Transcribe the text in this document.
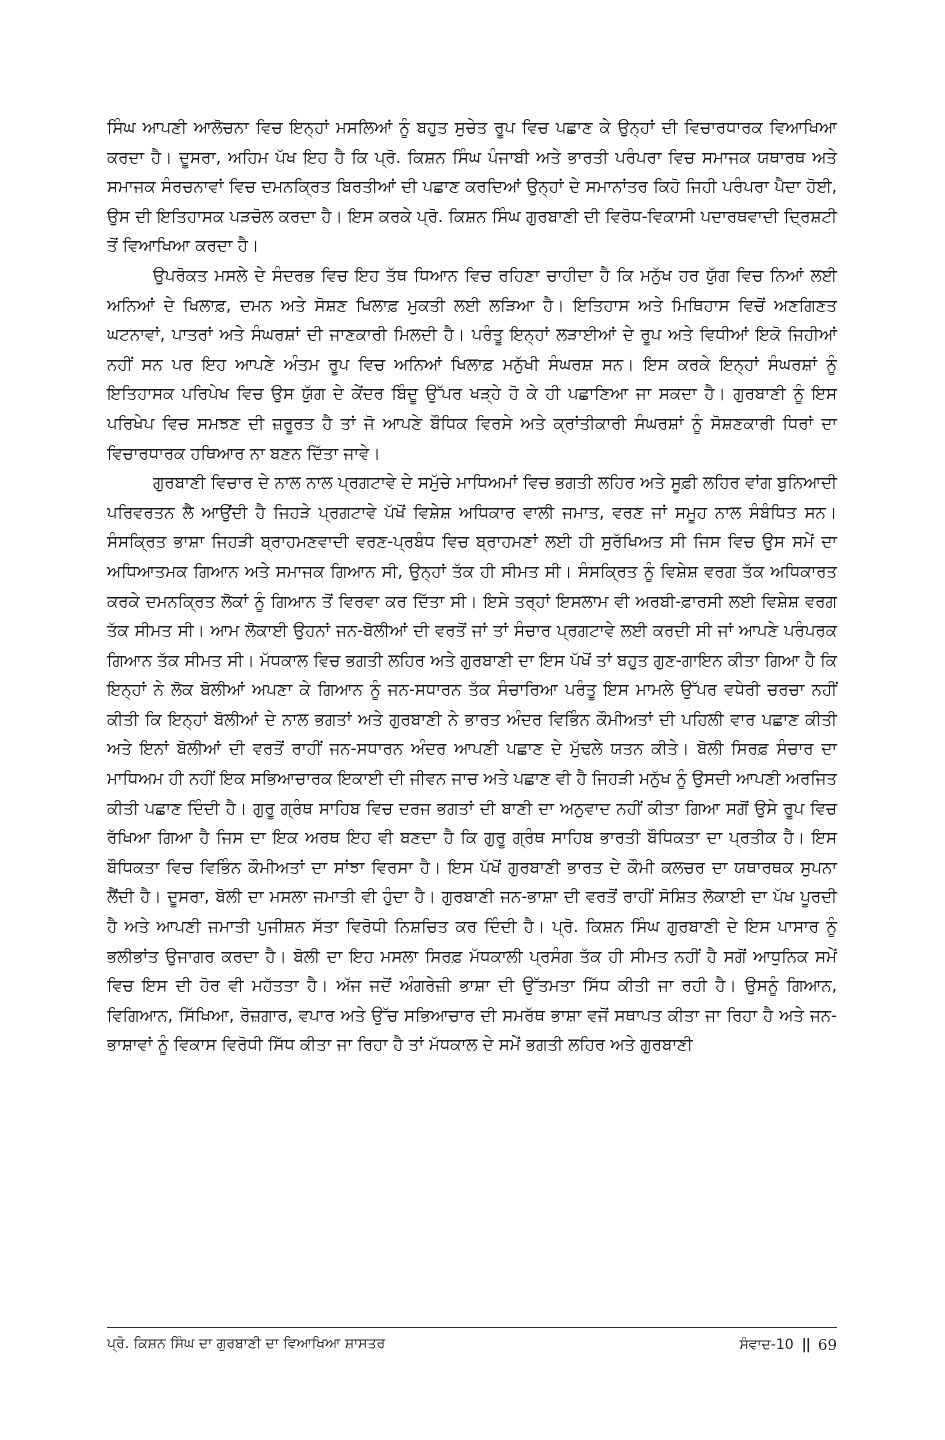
ਸਿੰਘ ਆਪਣੀ ਆਲੋਚਨਾ ਵਿਚ ਇਨ੍ਹਾਂ ਮਸਲਿਆਂ ਨੂੰ ਬਹੁਤ ਸੁਚੇਤ ਰੂਪ ਵਿਚ ਪਛਾਣ ਕੇ ਉਨ੍ਹਾਂ ਦੀ ਵਿਚਾਰਧਾਰਕ ਵਿਆਖਿਆ ਕਰਦਾ ਹੈ। ਦੂਸਰਾ, ਅਹਿਮ ਪੱਖ ਇਹ ਹੈ ਕਿ ਪ੍ਰੋ. ਕਿਸ਼ਨ ਸਿੰਘ ਪੰਜਾਬੀ ਅਤੇ ਭਾਰਤੀ ਪਰੰਪਰਾ ਵਿਚ ਸਮਾਜਕ ਯਥਾਰਥ ਅਤੇ ਸਮਾਜਕ ਸੰਰਚਨਾਵਾਂ ਵਿਚ ਦਮਨਕ੍ਰਿਤ ਬਿਰਤੀਆਂ ਦੀ ਪਛਾਣ ਕਰਦਿਆਂ ਉਨ੍ਹਾਂ ਦੇ ਸਮਾਨਾਂਤਰ ਕਿਹੋ ਜਿਹੀ ਪਰੰਪਰਾ ਪੈਦਾ ਹੋਈ, ਉਸ ਦੀ ਇਤਿਹਾਸਕ ਪੜਚੋਲ ਕਰਦਾ ਹੈ। ਇਸ ਕਰਕੇ ਪ੍ਰੋ. ਕਿਸ਼ਨ ਸਿੰਘ ਗੁਰਬਾਣੀ ਦੀ ਵਿਰੋਧ-ਵਿਕਾਸੀ ਪਦਾਰਥਵਾਦੀ ਦ੍ਰਿਸ਼ਟੀ ਤੋਂ ਵਿਆਖਿਆ ਕਰਦਾ ਹੈ।

ਉਪਰੋਕਤ ਮਸਲੇ ਦੇ ਸੰਦਰਭ ਵਿਚ ਇਹ ਤੱਥ ਧਿਆਨ ਵਿਚ ਰਹਿਣਾ ਚਾਹੀਦਾ ਹੈ ਕਿ ਮਨੁੱਖ ਹਰ ਯੁੱਗ ਵਿਚ ਨਿਆਂ ਲਈ ਅਨਿਆਂ ਦੇ ਖਿਲਾਫ਼, ਦਮਨ ਅਤੇ ਸੋਸ਼ਣ ਖਿਲਾਫ਼ ਮੁਕਤੀ ਲਈ ਲੜਿਆ ਹੈ। ਇਤਿਹਾਸ ਅਤੇ ਮਿਥਿਹਾਸ ਵਿਚੋਂ ਅਣਗਿਣਤ ਘਟਨਾਵਾਂ, ਪਾਤਰਾਂ ਅਤੇ ਸੰਘਰਸ਼ਾਂ ਦੀ ਜਾਣਕਾਰੀ ਮਿਲਦੀ ਹੈ। ਪਰੰਤੂ ਇਨ੍ਹਾਂ ਲੜਾਈਆਂ ਦੇ ਰੂਪ ਅਤੇ ਵਿਧੀਆਂ ਇਕੋ ਜਿਹੀਆਂ ਨਹੀਂ ਸਨ ਪਰ ਇਹ ਆਪਣੇ ਅੰਤਮ ਰੂਪ ਵਿਚ ਅਨਿਆਂ ਖਿਲਾਫ਼ ਮਨੁੱਖੀ ਸੰਘਰਸ਼ ਸਨ। ਇਸ ਕਰਕੇ ਇਨ੍ਹਾਂ ਸੰਘਰਸ਼ਾਂ ਨੂੰ ਇਤਿਹਾਸਕ ਪਰਿਪੇਖ ਵਿਚ ਉਸ ਯੁੱਗ ਦੇ ਕੇਂਦਰ ਬਿੰਦੂ ਉੱਪਰ ਖੜ੍ਹੇ ਹੋ ਕੇ ਹੀ ਪਛਾਣਿਆ ਜਾ ਸਕਦਾ ਹੈ। ਗੁਰਬਾਣੀ ਨੂੰ ਇਸ ਪਰਿਖੇਪ ਵਿਚ ਸਮਝਣ ਦੀ ਜ਼ਰੂਰਤ ਹੈ ਤਾਂ ਜੋ ਆਪਣੇ ਬੌਧਿਕ ਵਿਰਸੇ ਅਤੇ ਕ੍ਰਾਂਤੀਕਾਰੀ ਸੰਘਰਸ਼ਾਂ ਨੂੰ ਸੋਸ਼ਣਕਾਰੀ ਧਿਰਾਂ ਦਾ ਵਿਚਾਰਧਾਰਕ ਹਥਿਆਰ ਨਾ ਬਣਨ ਦਿੱਤਾ ਜਾਵੇ।

ਗੁਰਬਾਣੀ ਵਿਚਾਰ ਦੇ ਨਾਲ ਨਾਲ ਪ੍ਰਗਟਾਵੇ ਦੇ ਸਮੁੱਚੇ ਮਾਧਿਅਮਾਂ ਵਿਚ ਭਗਤੀ ਲਹਿਰ ਅਤੇ ਸੂਫ਼ੀ ਲਹਿਰ ਵਾਂਗ ਬੁਨਿਆਦੀ ਪਰਿਵਰਤਨ ਲੈ ਆਉਂਦੀ ਹੈ ਜਿਹੜੇ ਪ੍ਰਗਟਾਵੇ ਪੱਖੋਂ ਵਿਸ਼ੇਸ਼ ਅਧਿਕਾਰ ਵਾਲੀ ਜਮਾਤ, ਵਰਣ ਜਾਂ ਸਮੂਹ ਨਾਲ ਸੰਬੰਧਿਤ ਸਨ। ਸੰਸਕ੍ਰਿਤ ਭਾਸ਼ਾ ਜਿਹੜੀ ਬ੍ਰਾਹਮਣਵਾਦੀ ਵਰਣ-ਪ੍ਰਬੰਧ ਵਿਚ ਬ੍ਰਾਹਮਣਾਂ ਲਈ ਹੀ ਸੁਰੱਖਿਅਤ ਸੀ ਜਿਸ ਵਿਚ ਉਸ ਸਮੇਂ ਦਾ ਅਧਿਆਤਮਕ ਗਿਆਨ ਅਤੇ ਸਮਾਜਕ ਗਿਆਨ ਸੀ, ਉਨ੍ਹਾਂ ਤੱਕ ਹੀ ਸੀਮਤ ਸੀ। ਸੰਸਕ੍ਰਿਤ ਨੂੰ ਵਿਸ਼ੇਸ਼ ਵਰਗ ਤੱਕ ਅਧਿਕਾਰਤ ਕਰਕੇ ਦਮਨਕ੍ਰਿਤ ਲੋਕਾਂ ਨੂੰ ਗਿਆਨ ਤੋਂ ਵਿਰਵਾ ਕਰ ਦਿੱਤਾ ਸੀ। ਇਸੇ ਤਰ੍ਹਾਂ ਇਸਲਾਮ ਵੀ ਅਰਬੀ-ਫ਼ਾਰਸੀ ਲਈ ਵਿਸ਼ੇਸ਼ ਵਰਗ ਤੱਕ ਸੀਮਤ ਸੀ। ਆਮ ਲੋਕਾਈ ਉਹਨਾਂ ਜਨ-ਬੋਲੀਆਂ ਦੀ ਵਰਤੋਂ ਜਾਂ ਤਾਂ ਸੰਚਾਰ ਪ੍ਰਗਟਾਵੇ ਲਈ ਕਰਦੀ ਸੀ ਜਾਂ ਆਪਣੇ ਪਰੰਪਰਕ ਗਿਆਨ ਤੱਕ ਸੀਮਤ ਸੀ। ਮੱਧਕਾਲ ਵਿਚ ਭਗਤੀ ਲਹਿਰ ਅਤੇ ਗੁਰਬਾਣੀ ਦਾ ਇਸ ਪੱਖੋਂ ਤਾਂ ਬਹੁਤ ਗੁਣ-ਗਾਇਨ ਕੀਤਾ ਗਿਆ ਹੈ ਕਿ ਇਨ੍ਹਾਂ ਨੇ ਲੋਕ ਬੋਲੀਆਂ ਅਪਣਾ ਕੇ ਗਿਆਨ ਨੂੰ ਜਨ-ਸਧਾਰਨ ਤੱਕ ਸੰਚਾਰਿਆ ਪਰੰਤੂ ਇਸ ਮਾਮਲੇ ਉੱਪਰ ਵਧੇਰੀ ਚਰਚਾ ਨਹੀਂ ਕੀਤੀ ਕਿ ਇਨ੍ਹਾਂ ਬੋਲੀਆਂ ਦੇ ਨਾਲ ਭਗਤਾਂ ਅਤੇ ਗੁਰਬਾਣੀ ਨੇ ਭਾਰਤ ਅੰਦਰ ਵਿਭਿੰਨ ਕੌਮੀਅਤਾਂ ਦੀ ਪਹਿਲੀ ਵਾਰ ਪਛਾਣ ਕੀਤੀ ਅਤੇ ਇਨਾਂ ਬੋਲੀਆਂ ਦੀ ਵਰਤੋਂ ਰਾਹੀਂ ਜਨ-ਸਧਾਰਨ ਅੰਦਰ ਆਪਣੀ ਪਛਾਣ ਦੇ ਮੁੱਢਲੇ ਯਤਨ ਕੀਤੇ। ਬੋਲੀ ਸਿਰਫ਼ ਸੰਚਾਰ ਦਾ ਮਾਧਿਅਮ ਹੀ ਨਹੀਂ ਇਕ ਸਭਿਆਚਾਰਕ ਇਕਾਈ ਦੀ ਜੀਵਨ ਜਾਚ ਅਤੇ ਪਛਾਣ ਵੀ ਹੈ ਜਿਹੜੀ ਮਨੁੱਖ ਨੂੰ ਉਸਦੀ ਆਪਣੀ ਅਰਜਿਤ ਕੀਤੀ ਪਛਾਣ ਦਿੰਦੀ ਹੈ। ਗੁਰੂ ਗ੍ਰੰਥ ਸਾਹਿਬ ਵਿਚ ਦਰਜ ਭਗਤਾਂ ਦੀ ਬਾਣੀ ਦਾ ਅਨੁਵਾਦ ਨਹੀਂ ਕੀਤਾ ਗਿਆ ਸਗੋਂ ਉਸੇ ਰੂਪ ਵਿਚ ਰੱਖਿਆ ਗਿਆ ਹੈ ਜਿਸ ਦਾ ਇਕ ਅਰਥ ਇਹ ਵੀ ਬਣਦਾ ਹੈ ਕਿ ਗੁਰੂ ਗ੍ਰੰਥ ਸਾਹਿਬ ਭਾਰਤੀ ਬੌਧਿਕਤਾ ਦਾ ਪ੍ਰਤੀਕ ਹੈ। ਇਸ ਬੌਧਿਕਤਾ ਵਿਚ ਵਿਭਿੰਨ ਕੌਮੀਅਤਾਂ ਦਾ ਸਾਂਝਾ ਵਿਰਸਾ ਹੈ। ਇਸ ਪੱਖੋਂ ਗੁਰਬਾਣੀ ਭਾਰਤ ਦੇ ਕੌਮੀ ਕਲਚਰ ਦਾ ਯਥਾਰਥਕ ਸੁਪਨਾ ਲੈਂਦੀ ਹੈ। ਦੂਸਰਾ, ਬੋਲੀ ਦਾ ਮਸਲਾ ਜਮਾਤੀ ਵੀ ਹੁੰਦਾ ਹੈ। ਗੁਰਬਾਣੀ ਜਨ-ਭਾਸ਼ਾ ਦੀ ਵਰਤੋਂ ਰਾਹੀਂ ਸੋਸ਼ਿਤ ਲੋਕਾਈ ਦਾ ਪੱਖ ਪੂਰਦੀ ਹੈ ਅਤੇ ਆਪਣੀ ਜਮਾਤੀ ਪੁਜੀਸ਼ਨ ਸੱਤਾ ਵਿਰੋਧੀ ਨਿਸ਼ਚਿਤ ਕਰ ਦਿੰਦੀ ਹੈ। ਪ੍ਰੋ. ਕਿਸ਼ਨ ਸਿੰਘ ਗੁਰਬਾਣੀ ਦੇ ਇਸ ਪਾਸਾਰ ਨੂੰ ਭਲੀਭਾਂਤ ਉਜਾਗਰ ਕਰਦਾ ਹੈ। ਬੋਲੀ ਦਾ ਇਹ ਮਸਲਾ ਸਿਰਫ਼ ਮੱਧਕਾਲੀ ਪ੍ਰਸੰਗ ਤੱਕ ਹੀ ਸੀਮਤ ਨਹੀਂ ਹੈ ਸਗੋਂ ਆਧੁਨਿਕ ਸਮੇਂ ਵਿਚ ਇਸ ਦੀ ਹੋਰ ਵੀ ਮਹੱਤਤਾ ਹੈ। ਅੱਜ ਜਦੋਂ ਅੰਗਰੇਜ਼ੀ ਭਾਸ਼ਾ ਦੀ ਉੱਤਮਤਾ ਸਿੱਧ ਕੀਤੀ ਜਾ ਰਹੀ ਹੈ। ਉਸਨੂੰ ਗਿਆਨ, ਵਿਗਿਆਨ, ਸਿੱਖਿਆ, ਰੋਜ਼ਗਾਰ, ਵਪਾਰ ਅਤੇ ਉੱਚ ਸਭਿਆਚਾਰ ਦੀ ਸਮਰੱਥ ਭਾਸ਼ਾ ਵਜੋਂ ਸਥਾਪਤ ਕੀਤਾ ਜਾ ਰਿਹਾ ਹੈ ਅਤੇ ਜਨ-ਭਾਸ਼ਾਵਾਂ ਨੂੰ ਵਿਕਾਸ ਵਿਰੋਧੀ ਸਿੱਧ ਕੀਤਾ ਜਾ ਰਿਹਾ ਹੈ ਤਾਂ ਮੱਧਕਾਲ ਦੇ ਸਮੇਂ ਭਗਤੀ ਲਹਿਰ ਅਤੇ ਗੁਰਬਾਣੀ

ਪ੍ਰੋ. ਕਿਸ਼ਨ ਸਿੰਘ ਦਾ ਗੁਰਬਾਣੀ ਦਾ ਵਿਆਖਿਆ ਸ਼ਾਸਤਰ	ਸੰਵਾਦ-10 || 69
